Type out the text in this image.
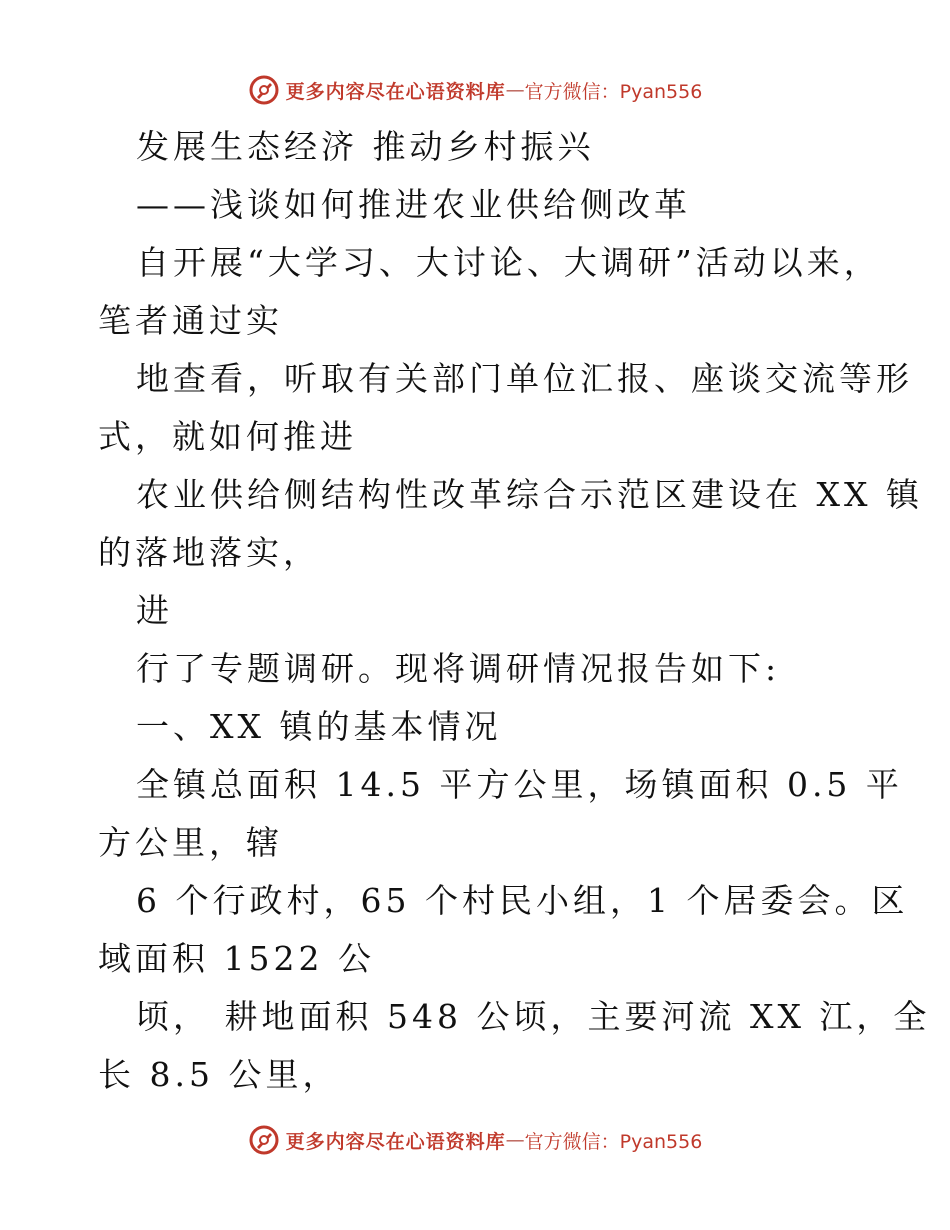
更多内容尽在心语资料库 — 官方微信：Pyan556
发展生态经济 推动乡村振兴
——浅谈如何推进农业供给侧改革
自开展“大学习、大讨论、大调研”活动以来，
笔者通过实
地查看，听取有关部门单位汇报、座谈交流等形
式，就如何推进
农业供给侧结构性改革综合示范区建设在 XX 镇
的落地落实，
进
行了专题调研。现将调研情况报告如下:
一、XX 镇的基本情况
全镇总面积 14.5 平方公里，场镇面积 0.5 平
方公里，辖
6 个行政村，65 个村民小组，1 个居委会。区
域面积 1522 公
顷， 耕地面积 548 公顷，主要河流 XX 江，全
长 8.5 公里，
更多内容尽在心语资料库 — 官方微信：Pyan556
